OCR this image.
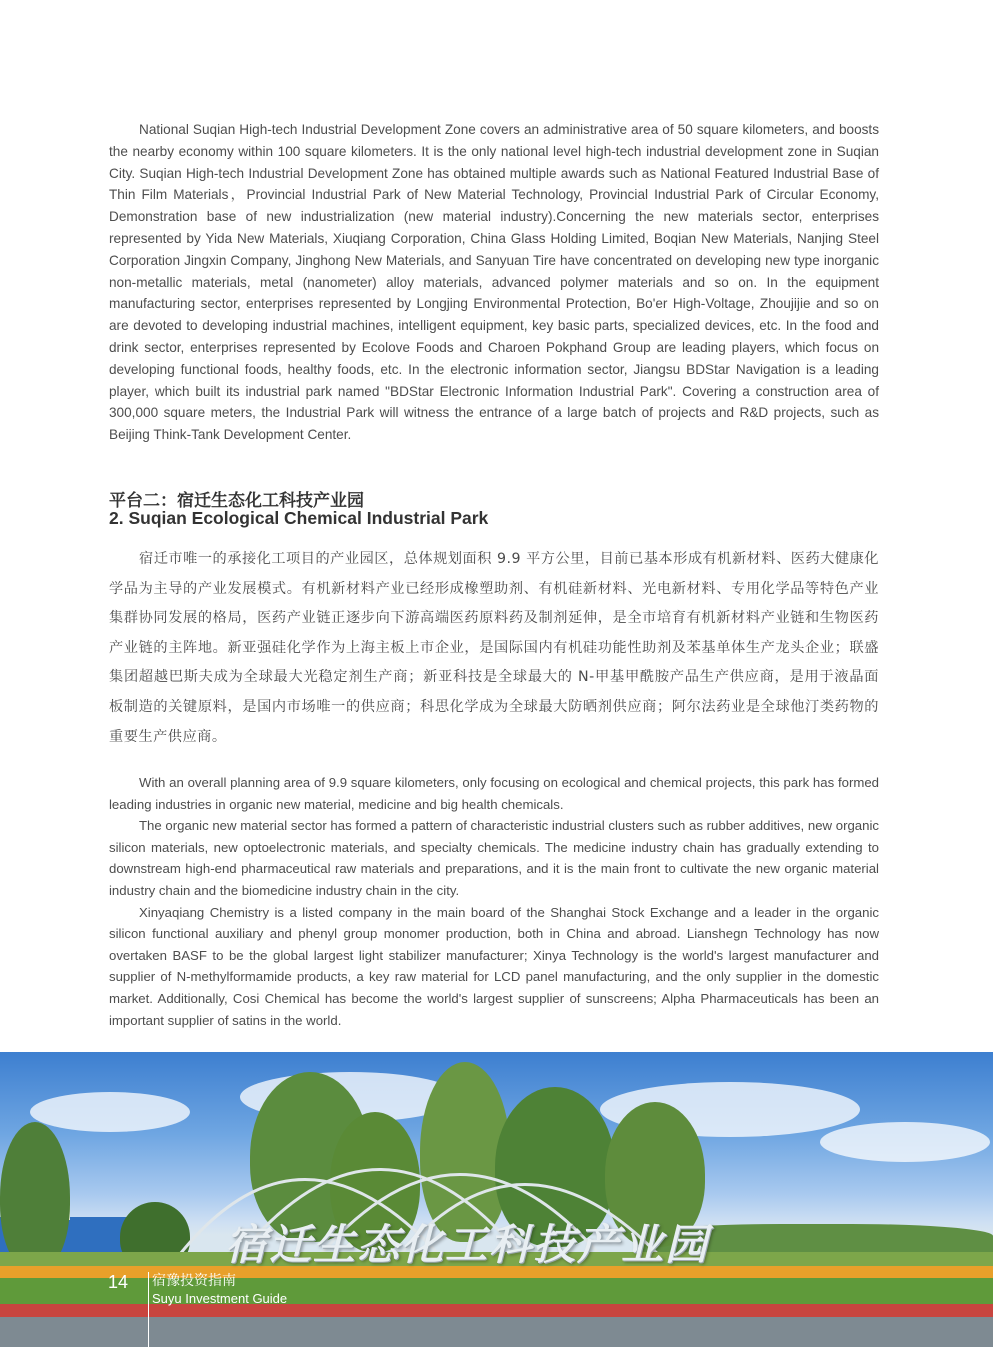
National Suqian High-tech Industrial Development Zone covers an administrative area of 50 square kilometers, and boosts the nearby economy within 100 square kilometers. It is the only national level high-tech industrial development zone in Suqian City. Suqian High-tech Industrial Development Zone has obtained multiple awards such as National Featured Industrial Base of Thin Film Materials，Provincial Industrial Park of New Material Technology, Provincial Industrial Park of Circular Economy, Demonstration base of new industrialization (new material industry).Concerning the new materials sector, enterprises represented by Yida New Materials, Xiuqiang Corporation, China Glass Holding Limited, Boqian New Materials, Nanjing Steel Corporation Jingxin Company, Jinghong New Materials, and Sanyuan Tire have concentrated on developing new type inorganic non-metallic materials, metal (nanometer) alloy materials, advanced polymer materials and so on. In the equipment manufacturing sector, enterprises represented by Longjing Environmental Protection, Bo'er High-Voltage, Zhoujijie and so on are devoted to developing industrial machines, intelligent equipment, key basic parts, specialized devices, etc. In the food and drink sector, enterprises represented by Ecolove Foods and Charoen Pokphand Group are leading players, which focus on developing functional foods, healthy foods, etc. In the electronic information sector, Jiangsu BDStar Navigation is a leading player, which built its industrial park named "BDStar Electronic Information Industrial Park". Covering a construction area of 300,000 square meters, the Industrial Park will witness the entrance of a large batch of projects and R&D projects, such as Beijing Think-Tank Development Center.

平台二：宿迁生态化工科技产业园
2. Suqian Ecological Chemical Industrial Park

宿迁市唯一的承接化工项目的产业园区，总体规划面积 9.9 平方公里，目前已基本形成有机新材料、医药大健康化学品为主导的产业发展模式。有机新材料产业已经形成橡塑助剂、有机硅新材料、光电新材料、专用化学品等特色产业集群协同发展的格局，医药产业链正逐步向下游高端医药原料药及制剂延伸，是全市培育有机新材料产业链和生物医药产业链的主阵地。新亚强硅化学作为上海主板上市企业，是国际国内有机硅功能性助剂及苯基单体生产龙头企业；联盛集团超越巴斯夫成为全球最大光稳定剂生产商；新亚科技是全球最大的 N-甲基甲酰胺产品生产供应商，是用于液晶面板制造的关键原料，是国内市场唯一的供应商；科思化学成为全球最大防晒剂供应商；阿尔法药业是全球他汀类药物的重要生产供应商。

With an overall planning area of 9.9 square kilometers, only focusing on ecological and chemical projects, this park has formed leading industries in organic new material, medicine and big health chemicals.

The organic new material sector has formed a pattern of characteristic industrial clusters such as rubber additives, new organic silicon materials, new optoelectronic materials, and specialty chemicals. The medicine industry chain has gradually extending to downstream high-end pharmaceutical raw materials and preparations, and it is the main front to cultivate the new organic material industry chain and the biomedicine industry chain in the city.

Xinyaqiang Chemistry is a listed company in the main board of the Shanghai Stock Exchange and a leader in the organic silicon functional auxiliary and phenyl group monomer production, both in China and abroad. Lianshegn Technology has now overtaken BASF to be the global largest light stabilizer manufacturer; Xinya Technology is the world's largest manufacturer and supplier of N-methylformamide products, a key raw material for LCD panel manufacturing, and the only supplier in the domestic market. Additionally, Cosi Chemical has become the world's largest supplier of sunscreens; Alpha Pharmaceuticals has been an important supplier of satins in the world.

宿迁生态化工科技产业园
14 宿豫投资指南
Suyu Investment Guide
